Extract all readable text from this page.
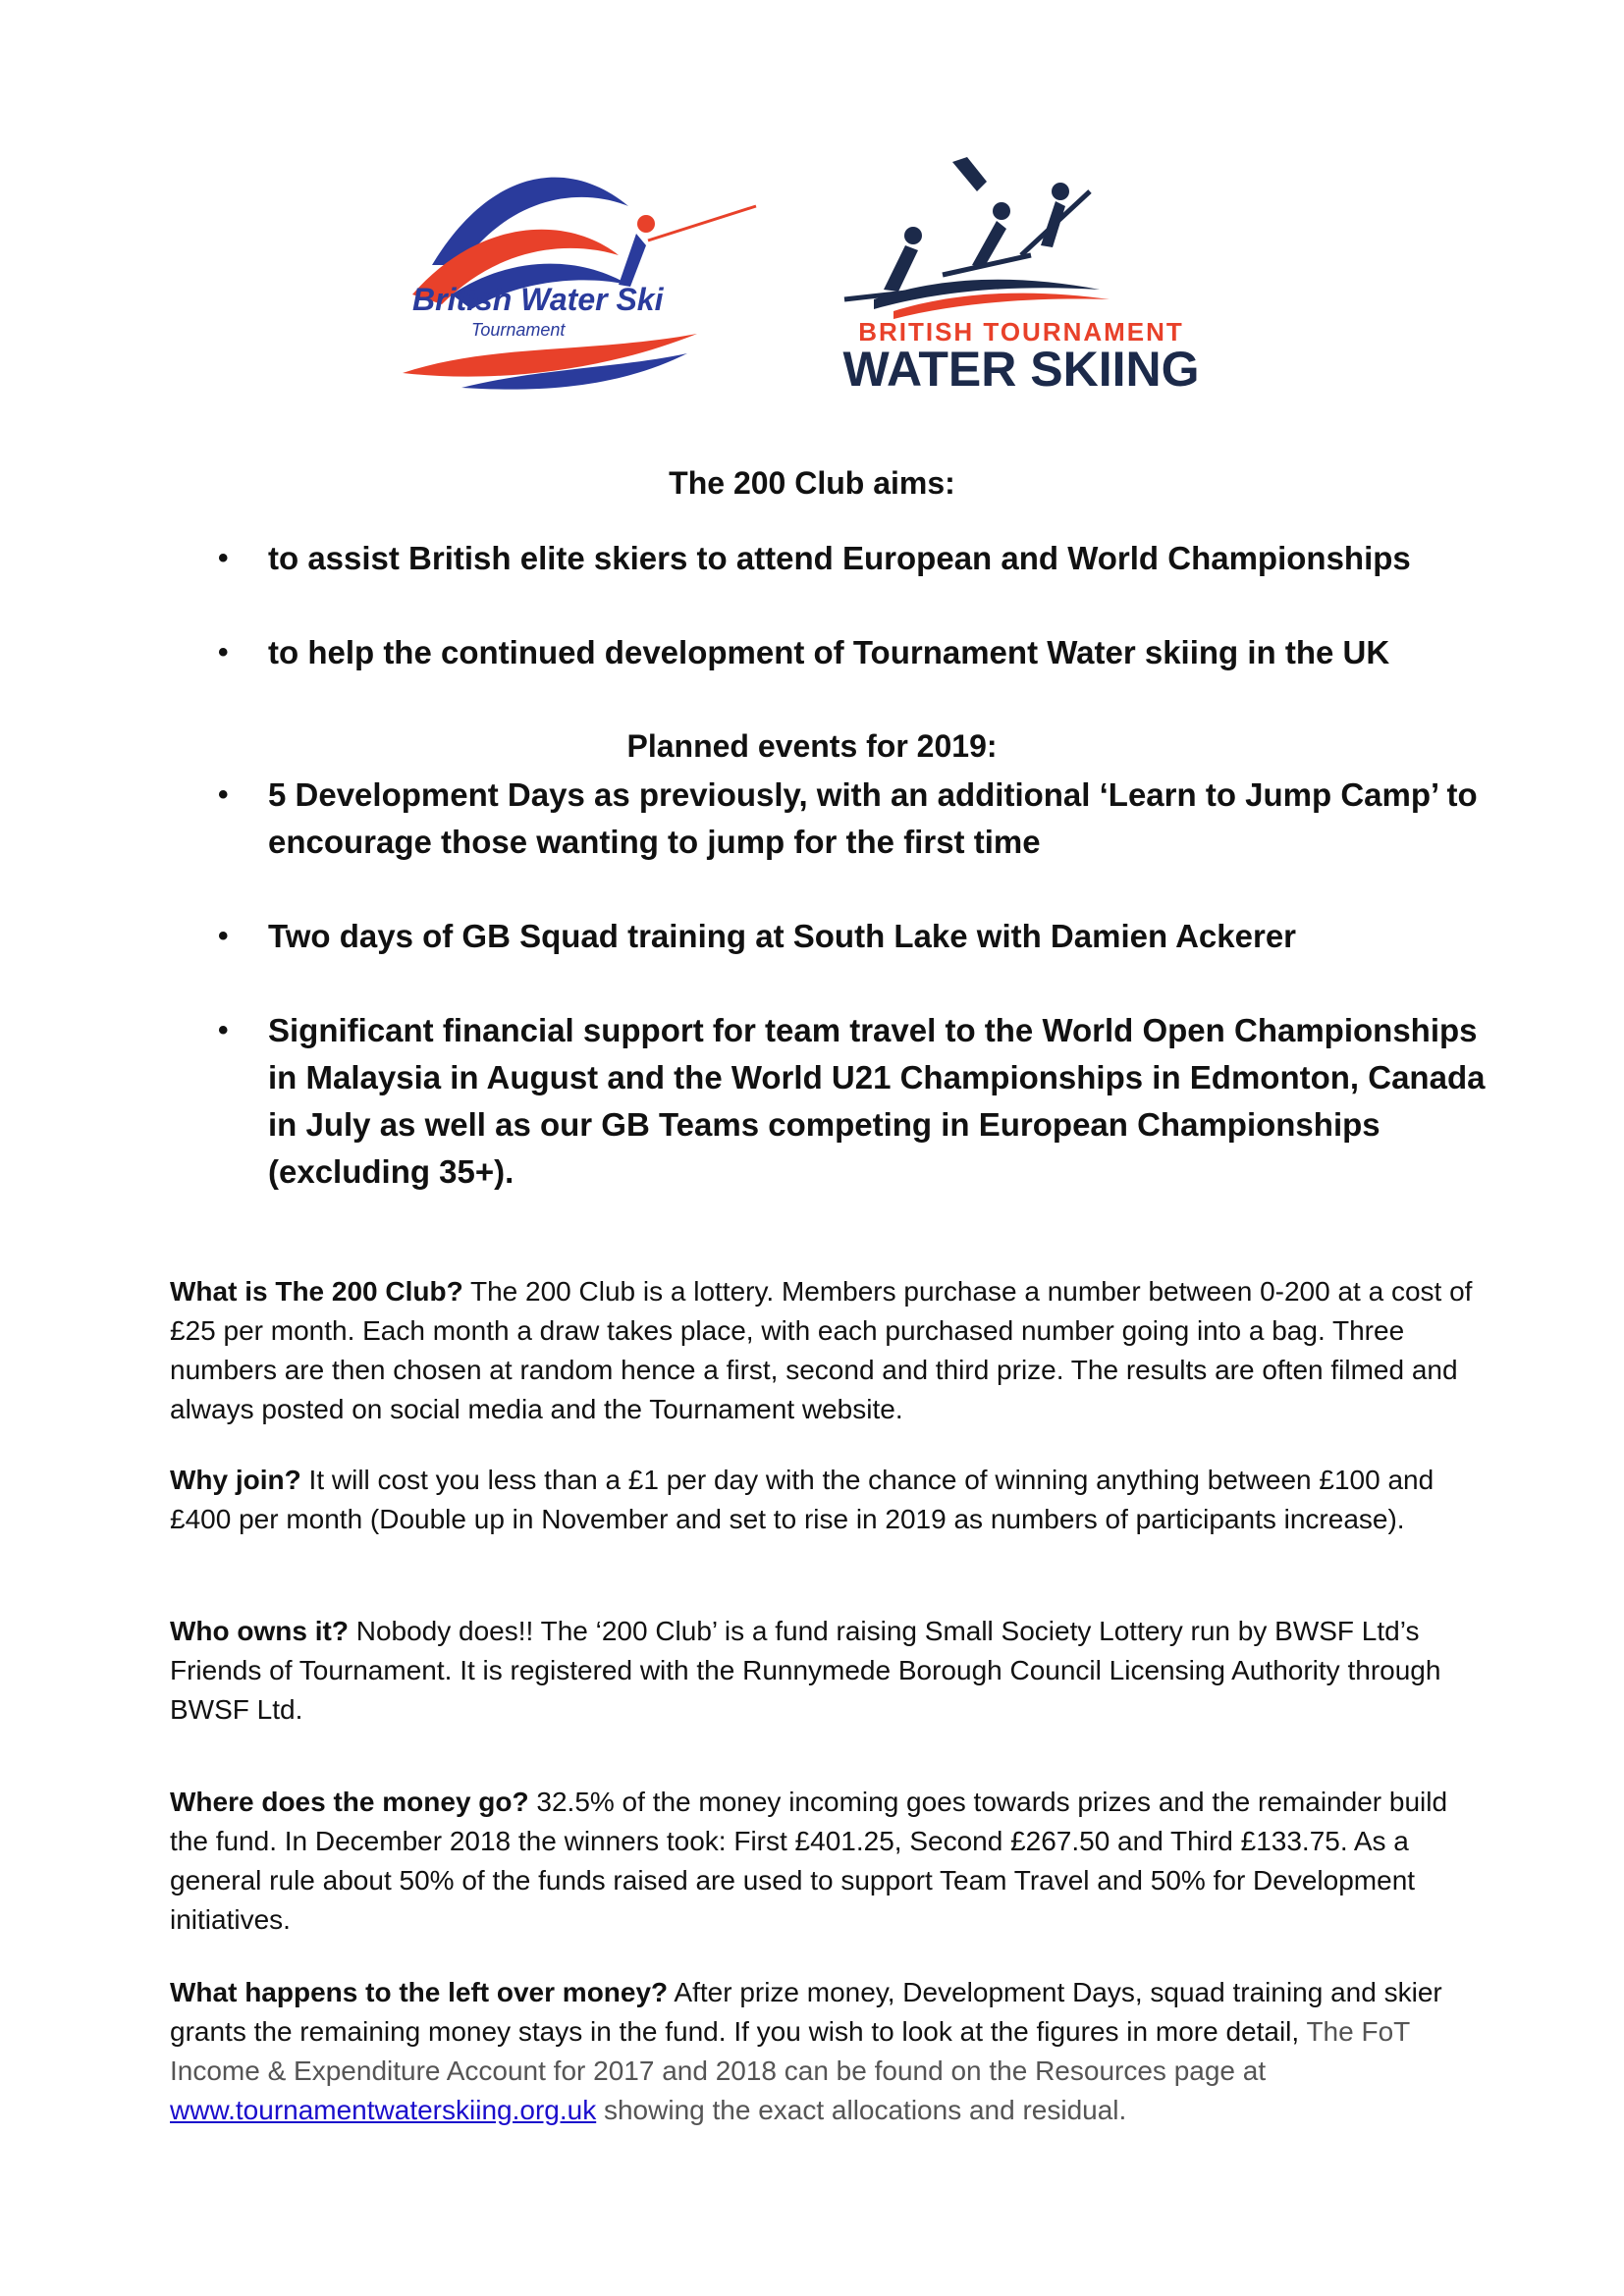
British Water Ski
Tournament	BRITISH TOURNAMENT
WATER SKIING
The 200 Club aims:
• to assist British elite skiers to attend European and World Championships
• to help the continued development of Tournament Water skiing in the UK
Planned events for 2019:
• 5 Development Days as previously, with an additional ‘Learn to Jump Camp’ to encourage those wanting to jump for the first time
• Two days of GB Squad training at South Lake with Damien Ackerer
• Significant financial support for team travel to the World Open Championships in Malaysia in August and the World U21 Championships in Edmonton, Canada in July as well as our GB Teams competing in European Championships (excluding 35+).

What is The 200 Club? The 200 Club is a lottery. Members purchase a number between 0-200 at a cost of £25 per month. Each month a draw takes place, with each purchased number going into a bag. Three numbers are then chosen at random hence a first, second and third prize. The results are often filmed and always posted on social media and the Tournament website.

Why join? It will cost you less than a £1 per day with the chance of winning anything between £100 and £400 per month (Double up in November and set to rise in 2019 as numbers of participants increase).

Who owns it? Nobody does!! The ‘200 Club’ is a fund raising Small Society Lottery run by BWSF Ltd’s Friends of Tournament. It is registered with the Runnymede Borough Council Licensing Authority through BWSF Ltd.

Where does the money go? 32.5% of the money incoming goes towards prizes and the remainder build the fund. In December 2018 the winners took: First £401.25, Second £267.50 and Third £133.75. As a general rule about 50% of the funds raised are used to support Team Travel and 50% for Development initiatives.

What happens to the left over money? After prize money, Development Days, squad training and skier grants the remaining money stays in the fund. If you wish to look at the figures in more detail, The FoT Income & Expenditure Account for 2017 and 2018 can be found on the Resources page at www.tournamentwaterskiing.org.uk showing the exact allocations and residual.
